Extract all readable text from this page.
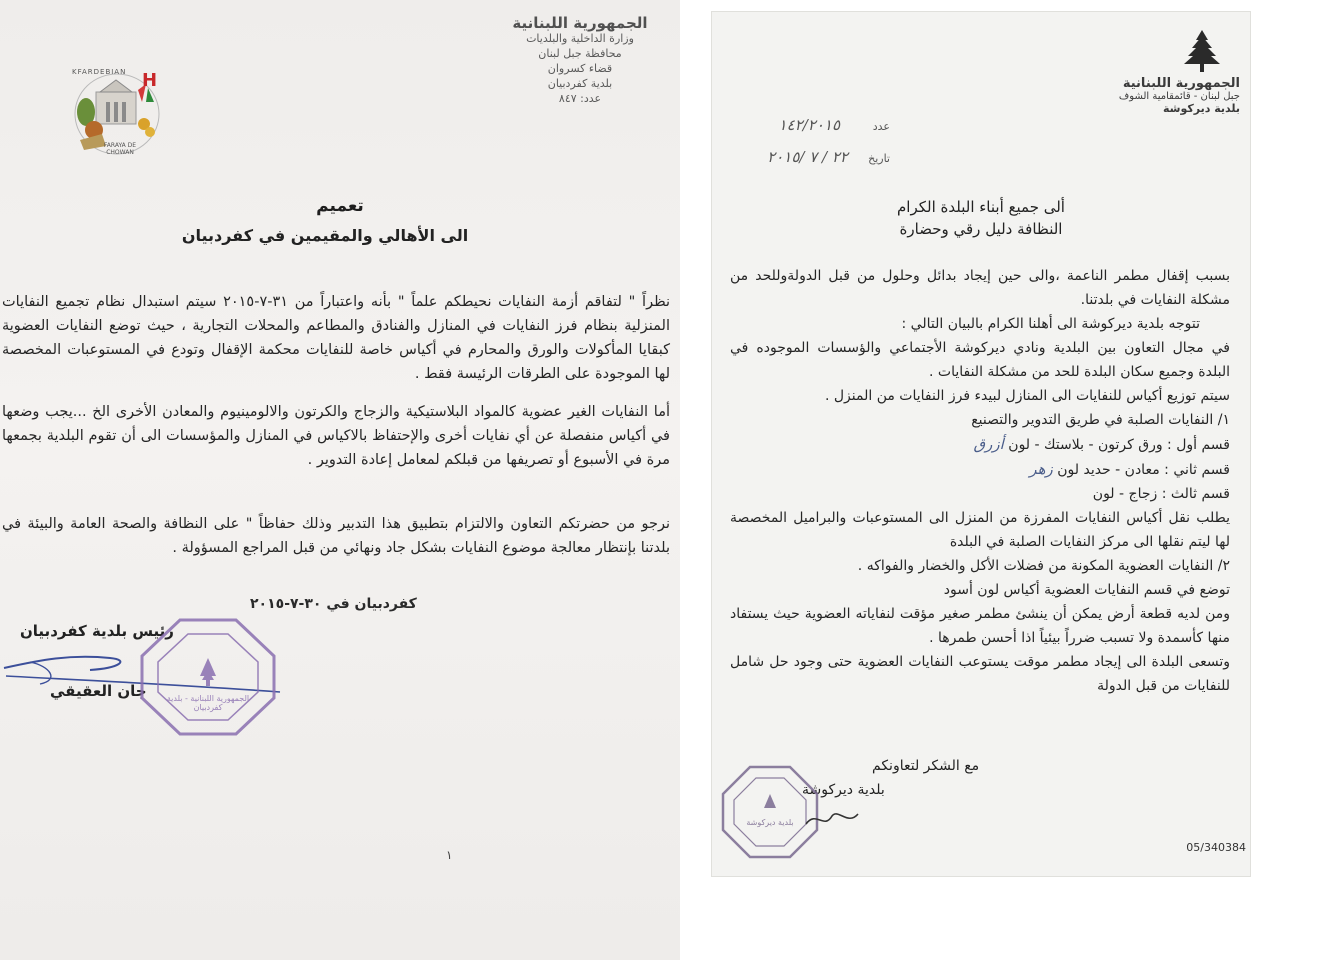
الجمهورية اللبنانية
وزارة الداخلية والبلديات
محافظة جبل لبنان
قضاء كسروان
بلدية كفردبيان
عدد: ٨٤٧
KFARDEBIAN H
FARAYA DE CHOWAN
تعميم
الى الأهالي والمقيمين في كفردبيان

نظراً " لتفاقم أزمة النفايات نحيطكم علماً " بأنه واعتباراً من ٣١-٧-٢٠١٥ سيتم استبدال نظام تجميع النفايات المنزلية بنظام فرز النفايات في المنازل والفنادق والمطاعم والمحلات التجارية ، حيث توضع النفايات العضوية كبقايا المأكولات والورق والمحارم في أكياس خاصة للنفايات محكمة الإقفال وتودع في المستوعبات المخصصة لها الموجودة على الطرقات الرئيسة فقط .

أما النفايات الغير عضوية كالمواد البلاستيكية والزجاج والكرتون والالومينيوم والمعادن الأخرى الخ ...يجب وضعها في أكياس منفصلة عن أي نفايات أخرى والإحتفاظ بالاكياس في المنازل والمؤسسات الى أن تقوم البلدية بجمعها مرة في الأسبوع أو تصريفها من قبلكم لمعامل إعادة التدوير .

نرجو من حضرتكم التعاون والالتزام بتطبيق هذا التدبير وذلك حفاظاً " على النظافة والصحة العامة والبيئة في بلدتنا بإنتظار معالجة موضوع النفايات بشكل جاد ونهائي من قبل المراجع المسؤولة .

كفردبيان في ٣٠-٧-٢٠١٥
رئيس بلدية كفردبيان
جان العقيقي	الجمهورية اللبنانية - بلدية كفردبيان
١
الجمهورية اللبنانية
جبل لبنان - قائمقامية الشوف
بلدية ديركوشة
عدد
١٤٢/٢٠١٥
تاريخ
٢٢ / ٧ /٢٠١٥
ألى جميع أبناء البلدة الكرام
النظافة دليل رقي وحضارة

بسبب إقفال مطمر الناعمة ،والى حين إيجاد بدائل وحلول من قبل الدولةوللحد من مشكلة النفايات في بلدتنا.

تتوجه بلدية ديركوشة الى أهلنا الكرام بالبيان التالي :

في مجال التعاون بين البلدية ونادي ديركوشة الأجتماعي والؤسسات الموجوده في البلدة وجميع سكان البلدة للحد من مشكلة النفايات .

سيتم توزيع أكياس للنفايات الى المنازل لبيدء فرز النفايات من المنزل .

١/ النفايات الصلبة في طريق التدوير والتصنيع

قسم أول : ورق كرتون - بلاستك - لون أزرق

قسم ثاني : معادن - حديد لون زهر

قسم ثالث : زجاج - لون

يطلب نقل أكياس النفايات المفرزة من المنزل الى المستوعبات والبراميل المخصصة لها ليتم نقلها الى مركز النفايات الصلبة في البلدة

٢/ النفايات العضوية المكونة من فضلات الأكل والخضار والفواكه .

توضع في قسم النفايات العضوية أكياس لون أسود

ومن لديه قطعة أرض يمكن أن ينشئ مطمر صغير مؤقت لنفاياته العضوية حيث يستفاد منها كأسمدة ولا تسبب ضرراً بيئياً اذا أحسن طمرها .

وتسعى البلدة الى إيجاد مطمر موقت يستوعب النفايات العضوية حتى وجود حل شامل للنفايات من قبل الدولة

مع الشكر لتعاونكم
بلدية ديركوشة
بلدية ديركوشة
05/340384
